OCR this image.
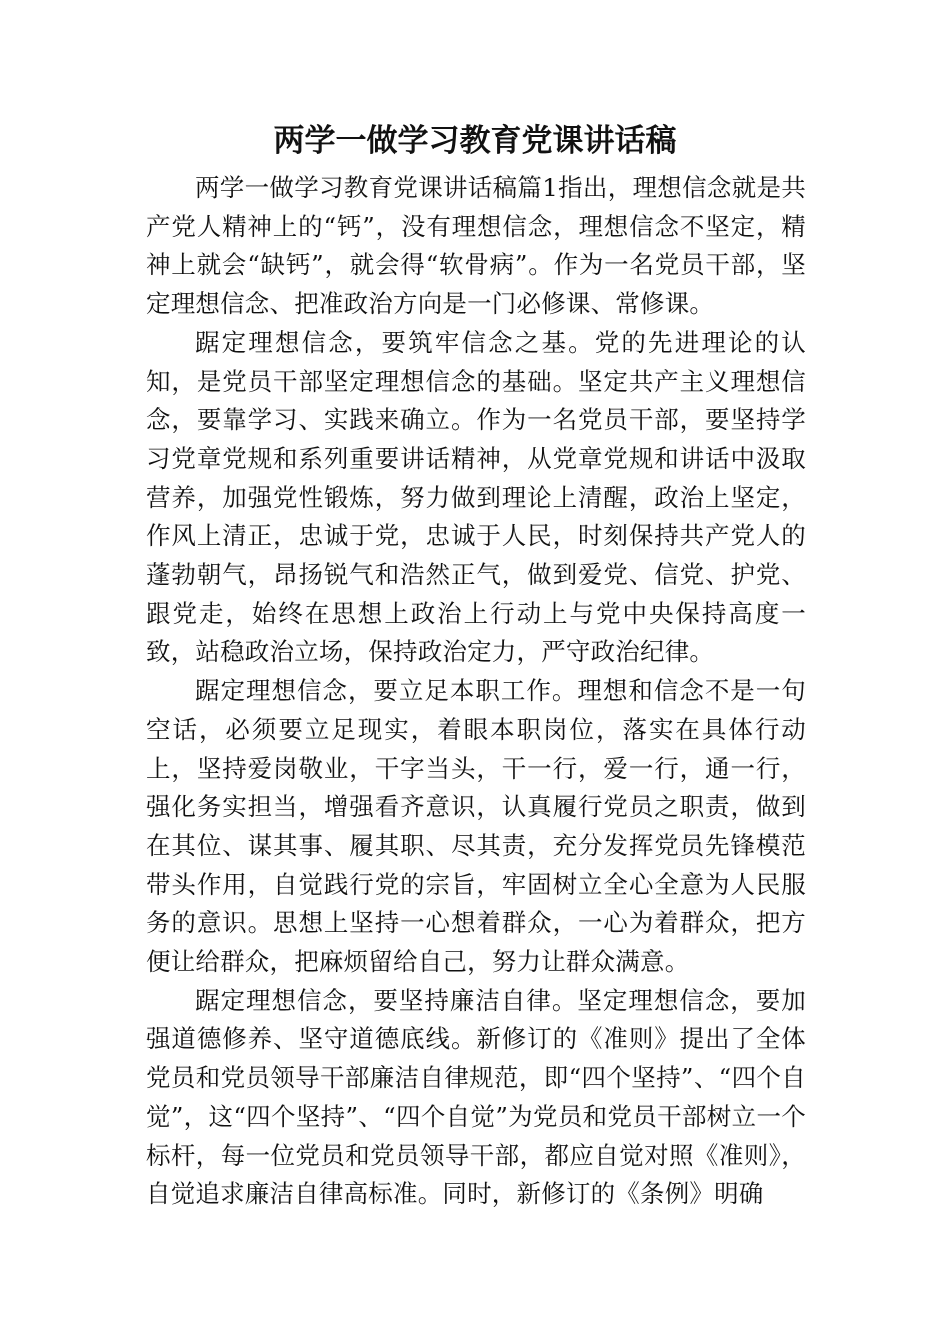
两学一做学习教育党课讲话稿

两学一做学习教育党课讲话稿篇1指出，理想信念就是共产党人精神上的“钙”，没有理想信念，理想信念不坚定，精神上就会“缺钙”，就会得“软骨病”。作为一名党员干部，坚定理想信念、把准政治方向是一门必修课、常修课。

踞定理想信念，要筑牢信念之基。党的先进理论的认知，是党员干部坚定理想信念的基础。坚定共产主义理想信念，要靠学习、实践来确立。作为一名党员干部，要坚持学习党章党规和系列重要讲话精神，从党章党规和讲话中汲取营养，加强党性锻炼，努力做到理论上清醒，政治上坚定，作风上清正，忠诚于党，忠诚于人民，时刻保持共产党人的蓬勃朝气，昂扬锐气和浩然正气，做到爱党、信党、护党、跟党走，始终在思想上政治上行动上与党中央保持高度一致，站稳政治立场，保持政治定力，严守政治纪律。

踞定理想信念，要立足本职工作。理想和信念不是一句空话，必须要立足现实，着眼本职岗位，落实在具体行动上，坚持爱岗敬业，干字当头，干一行，爱一行，通一行，强化务实担当，增强看齐意识，认真履行党员之职责，做到在其位、谋其事、履其职、尽其责，充分发挥党员先锋模范带头作用，自觉践行党的宗旨，牢固树立全心全意为人民服务的意识。思想上坚持一心想着群众，一心为着群众，把方便让给群众，把麻烦留给自己，努力让群众满意。

踞定理想信念，要坚持廉洁自律。坚定理想信念，要加强道德修养、坚守道德底线。新修订的《准则》提出了全体党员和党员领导干部廉洁自律规范，即“四个坚持”、“四个自觉”，这“四个坚持”、“四个自觉”为党员和党员干部树立一个标杆，每一位党员和党员领导干部，都应自觉对照《准则》，自觉追求廉洁自律高标准。同时，新修订的《条例》明确
